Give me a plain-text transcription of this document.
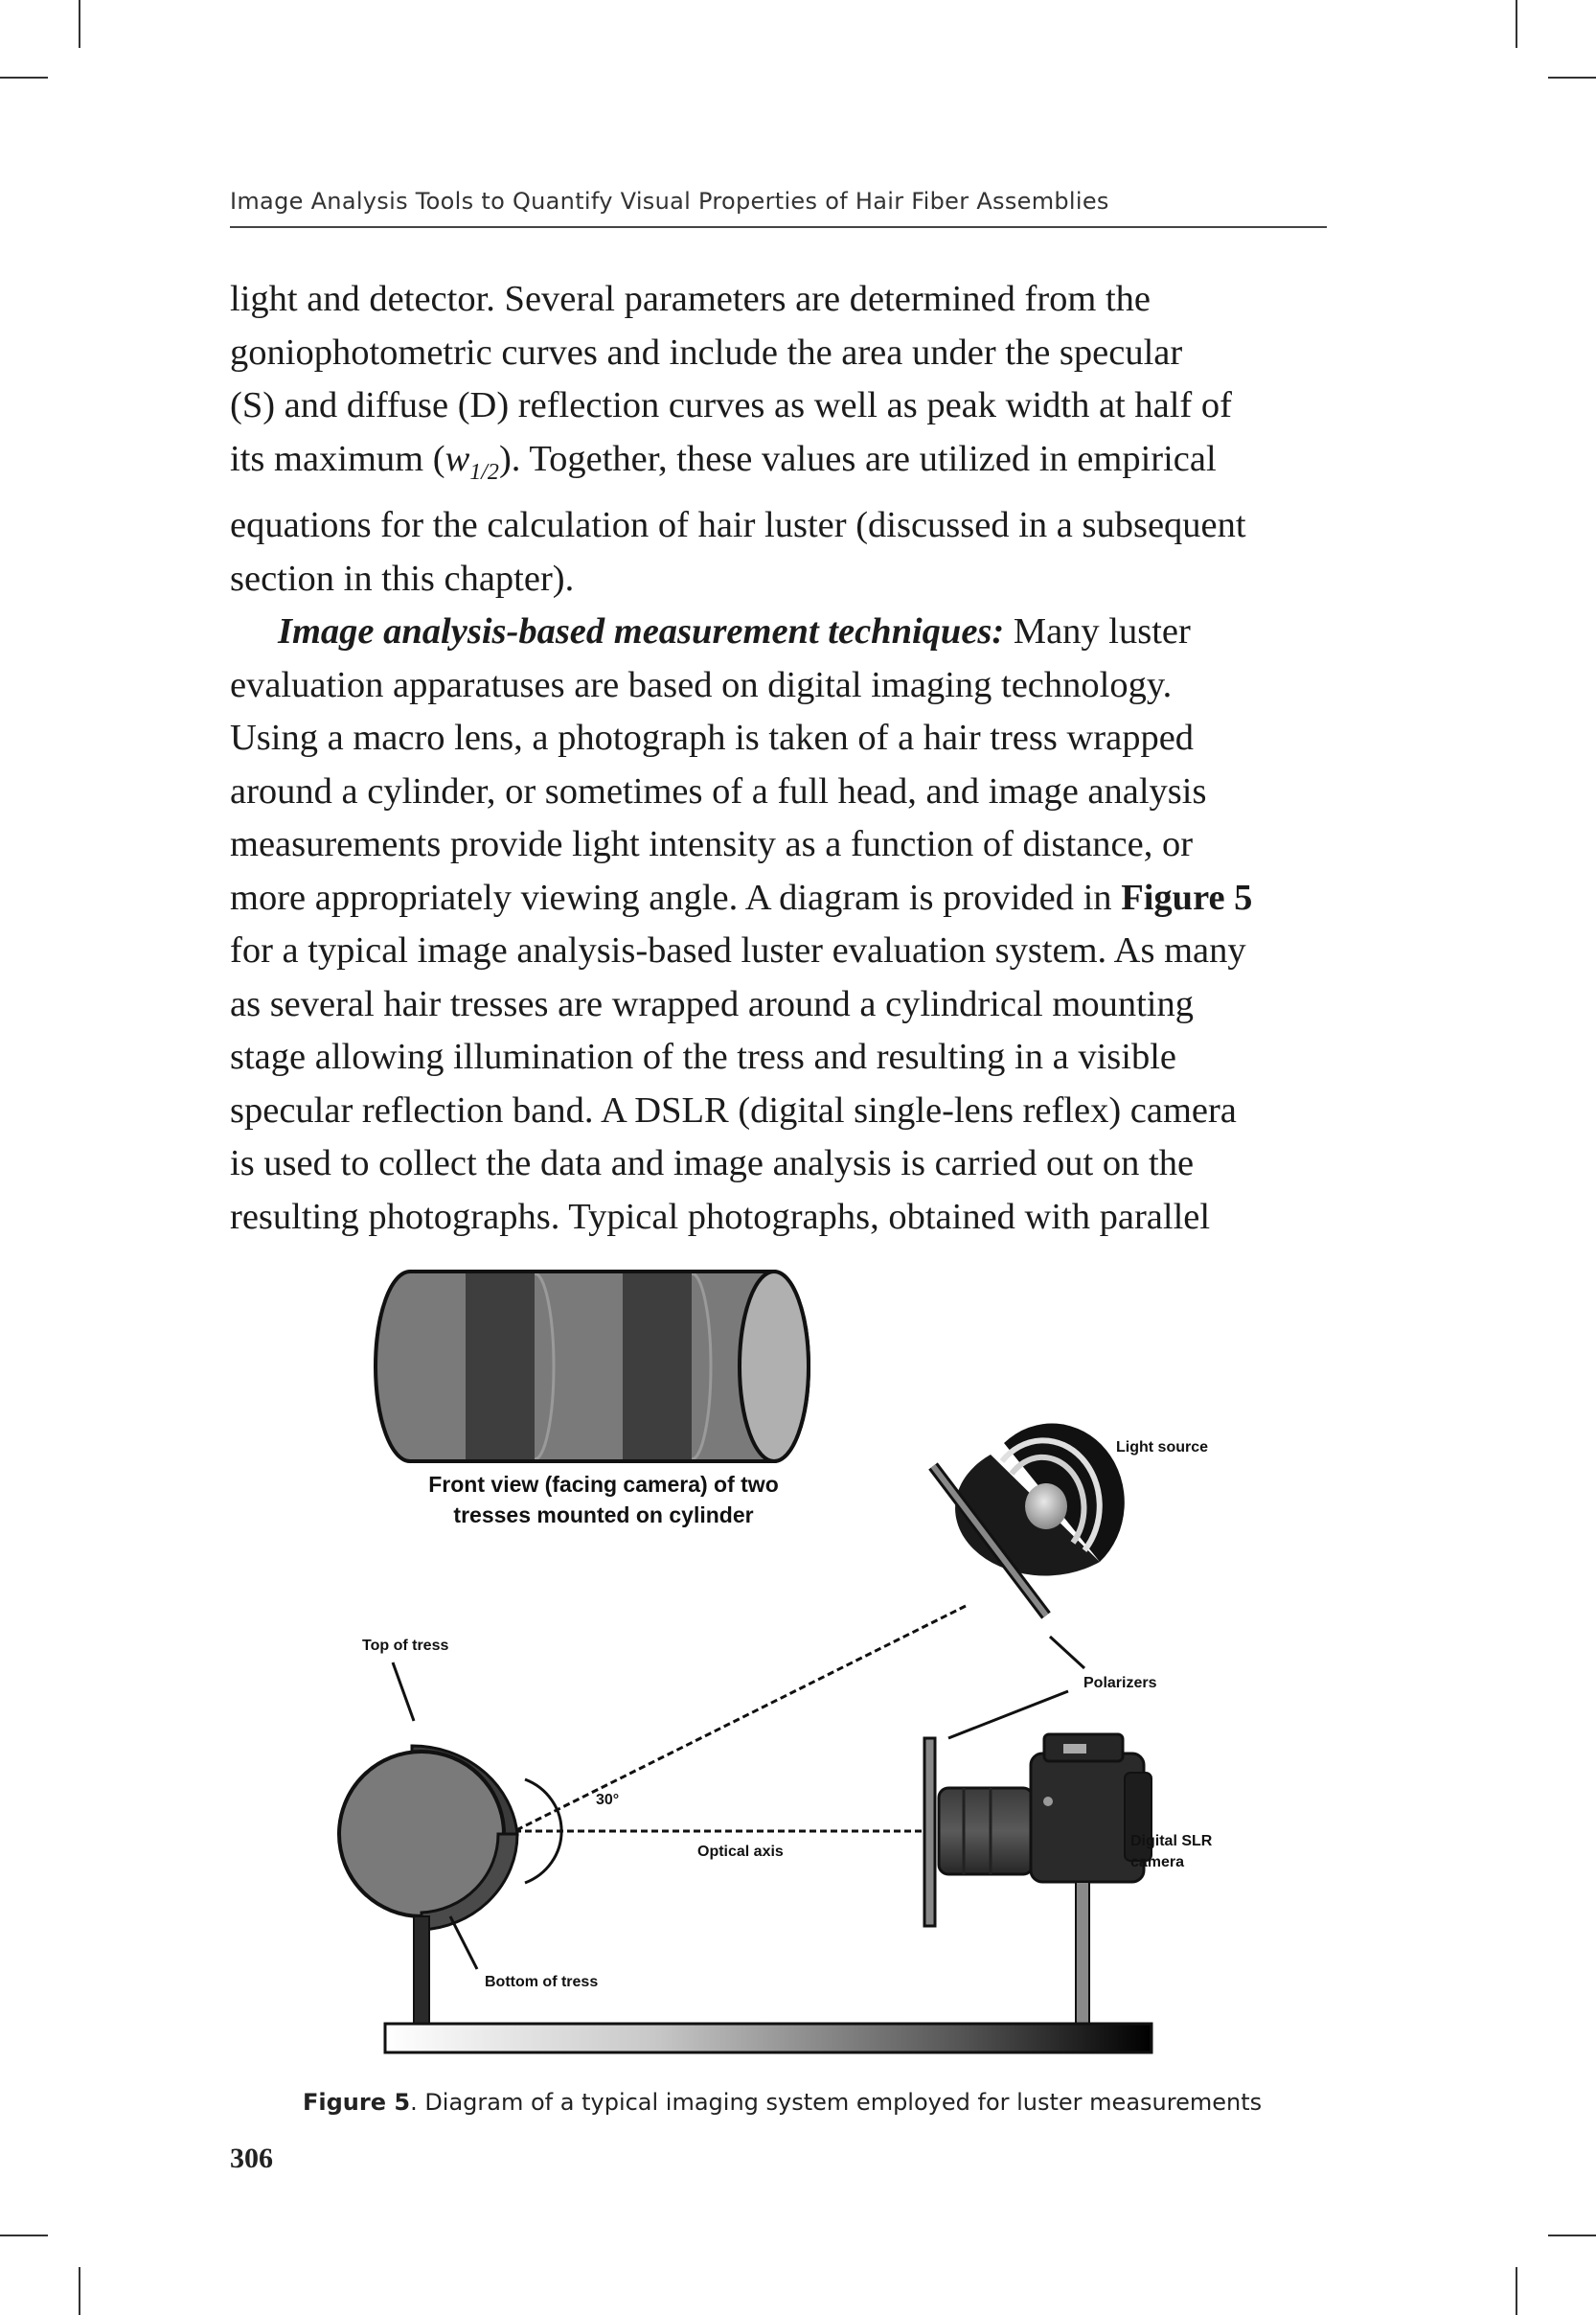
Image Analysis Tools to Quantify Visual Properties of Hair Fiber Assemblies

light and detector. Several parameters are determined from the
goniophotometric curves and include the area under the specular
(S) and diffuse (D) reflection curves as well as peak width at half of
its maximum $(w_{1/2})$. Together, these values are utilized in empirical
equations for the calculation of hair luster (discussed in a subsequent
section in this chapter).

Image analysis-based measurement techniques: Many luster
evaluation apparatuses are based on digital imaging technology.
Using a macro lens, a photograph is taken of a hair tress wrapped
around a cylinder, or sometimes of a full head, and image analysis
measurements provide light intensity as a function of distance, or
more appropriately viewing angle. A diagram is provided in Figure 5
for a typical image analysis-based luster evaluation system. As many
as several hair tresses are wrapped around a cylindrical mounting
stage allowing illumination of the tress and resulting in a visible
specular reflection band. A DSLR (digital single-lens reflex) camera
is used to collect the data and image analysis is carried out on the
resulting photographs. Typical photographs, obtained with parallel

Front view (facing camera) of two
tresses mounted on cylinder
Light source
30°
Optical axis
Top of tress
Bottom of tress
Polarizers
Digital SLR
camera
Figure 5. Diagram of a typical imaging system employed for luster measurements
306
